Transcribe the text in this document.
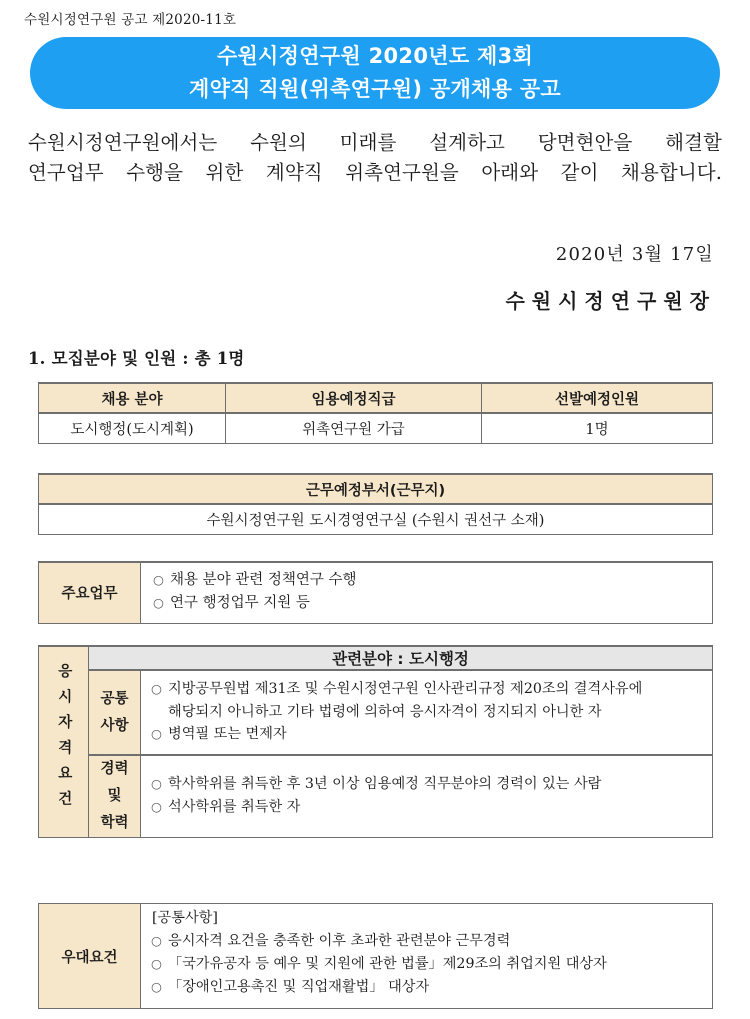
수원시정연구원 공고 제2020-11호
수원시정연구원 2020년도 제3회
계약직 직원(위촉연구원) 공개채용 공고
수원시정연구원에서는 수원의 미래를 설계하고 당면현안을 해결할
연구업무 수행을 위한 계약직 위촉연구원을 아래와 같이 채용합니다.
2020년 3월 17일
수원시정연구원장
1. 모집분야 및 인원 : 총 1명
채용 분야	임용예정직급	선발예정인원
도시행정(도시계획)	위촉연구원 가급	1명
근무예정부서(근무지)
수원시정연구원 도시경영연구실 (수원시 권선구 소재)
주요업무	
○ 채용 분야 관련 정책연구 수행
○ 연구 행정업무 지원 등
응시자격요건	관련분야 : 도시행정	
공통
사항	
○ 지방공무원법 제31조 및 수원시정연구원 인사관리규정 제20조의 결격사유에
해당되지 아니하고 기타 법령에 의하여 응시자격이 정지되지 아니한 자
○ 병역필 또는 면제자

경력
및
학력	
○ 학사학위를 취득한 후 3년 이상 임용예정 직무분야의 경력이 있는 사람
○ 석사학위를 취득한 자
우대요건	
[공통사항]
○ 응시자격 요건을 충족한 이후 초과한 관련분야 근무경력
○ 「국가유공자 등 예우 및 지원에 관한 법률」제29조의 취업지원 대상자
○ 「장애인고용촉진 및 직업재활법」 대상자
